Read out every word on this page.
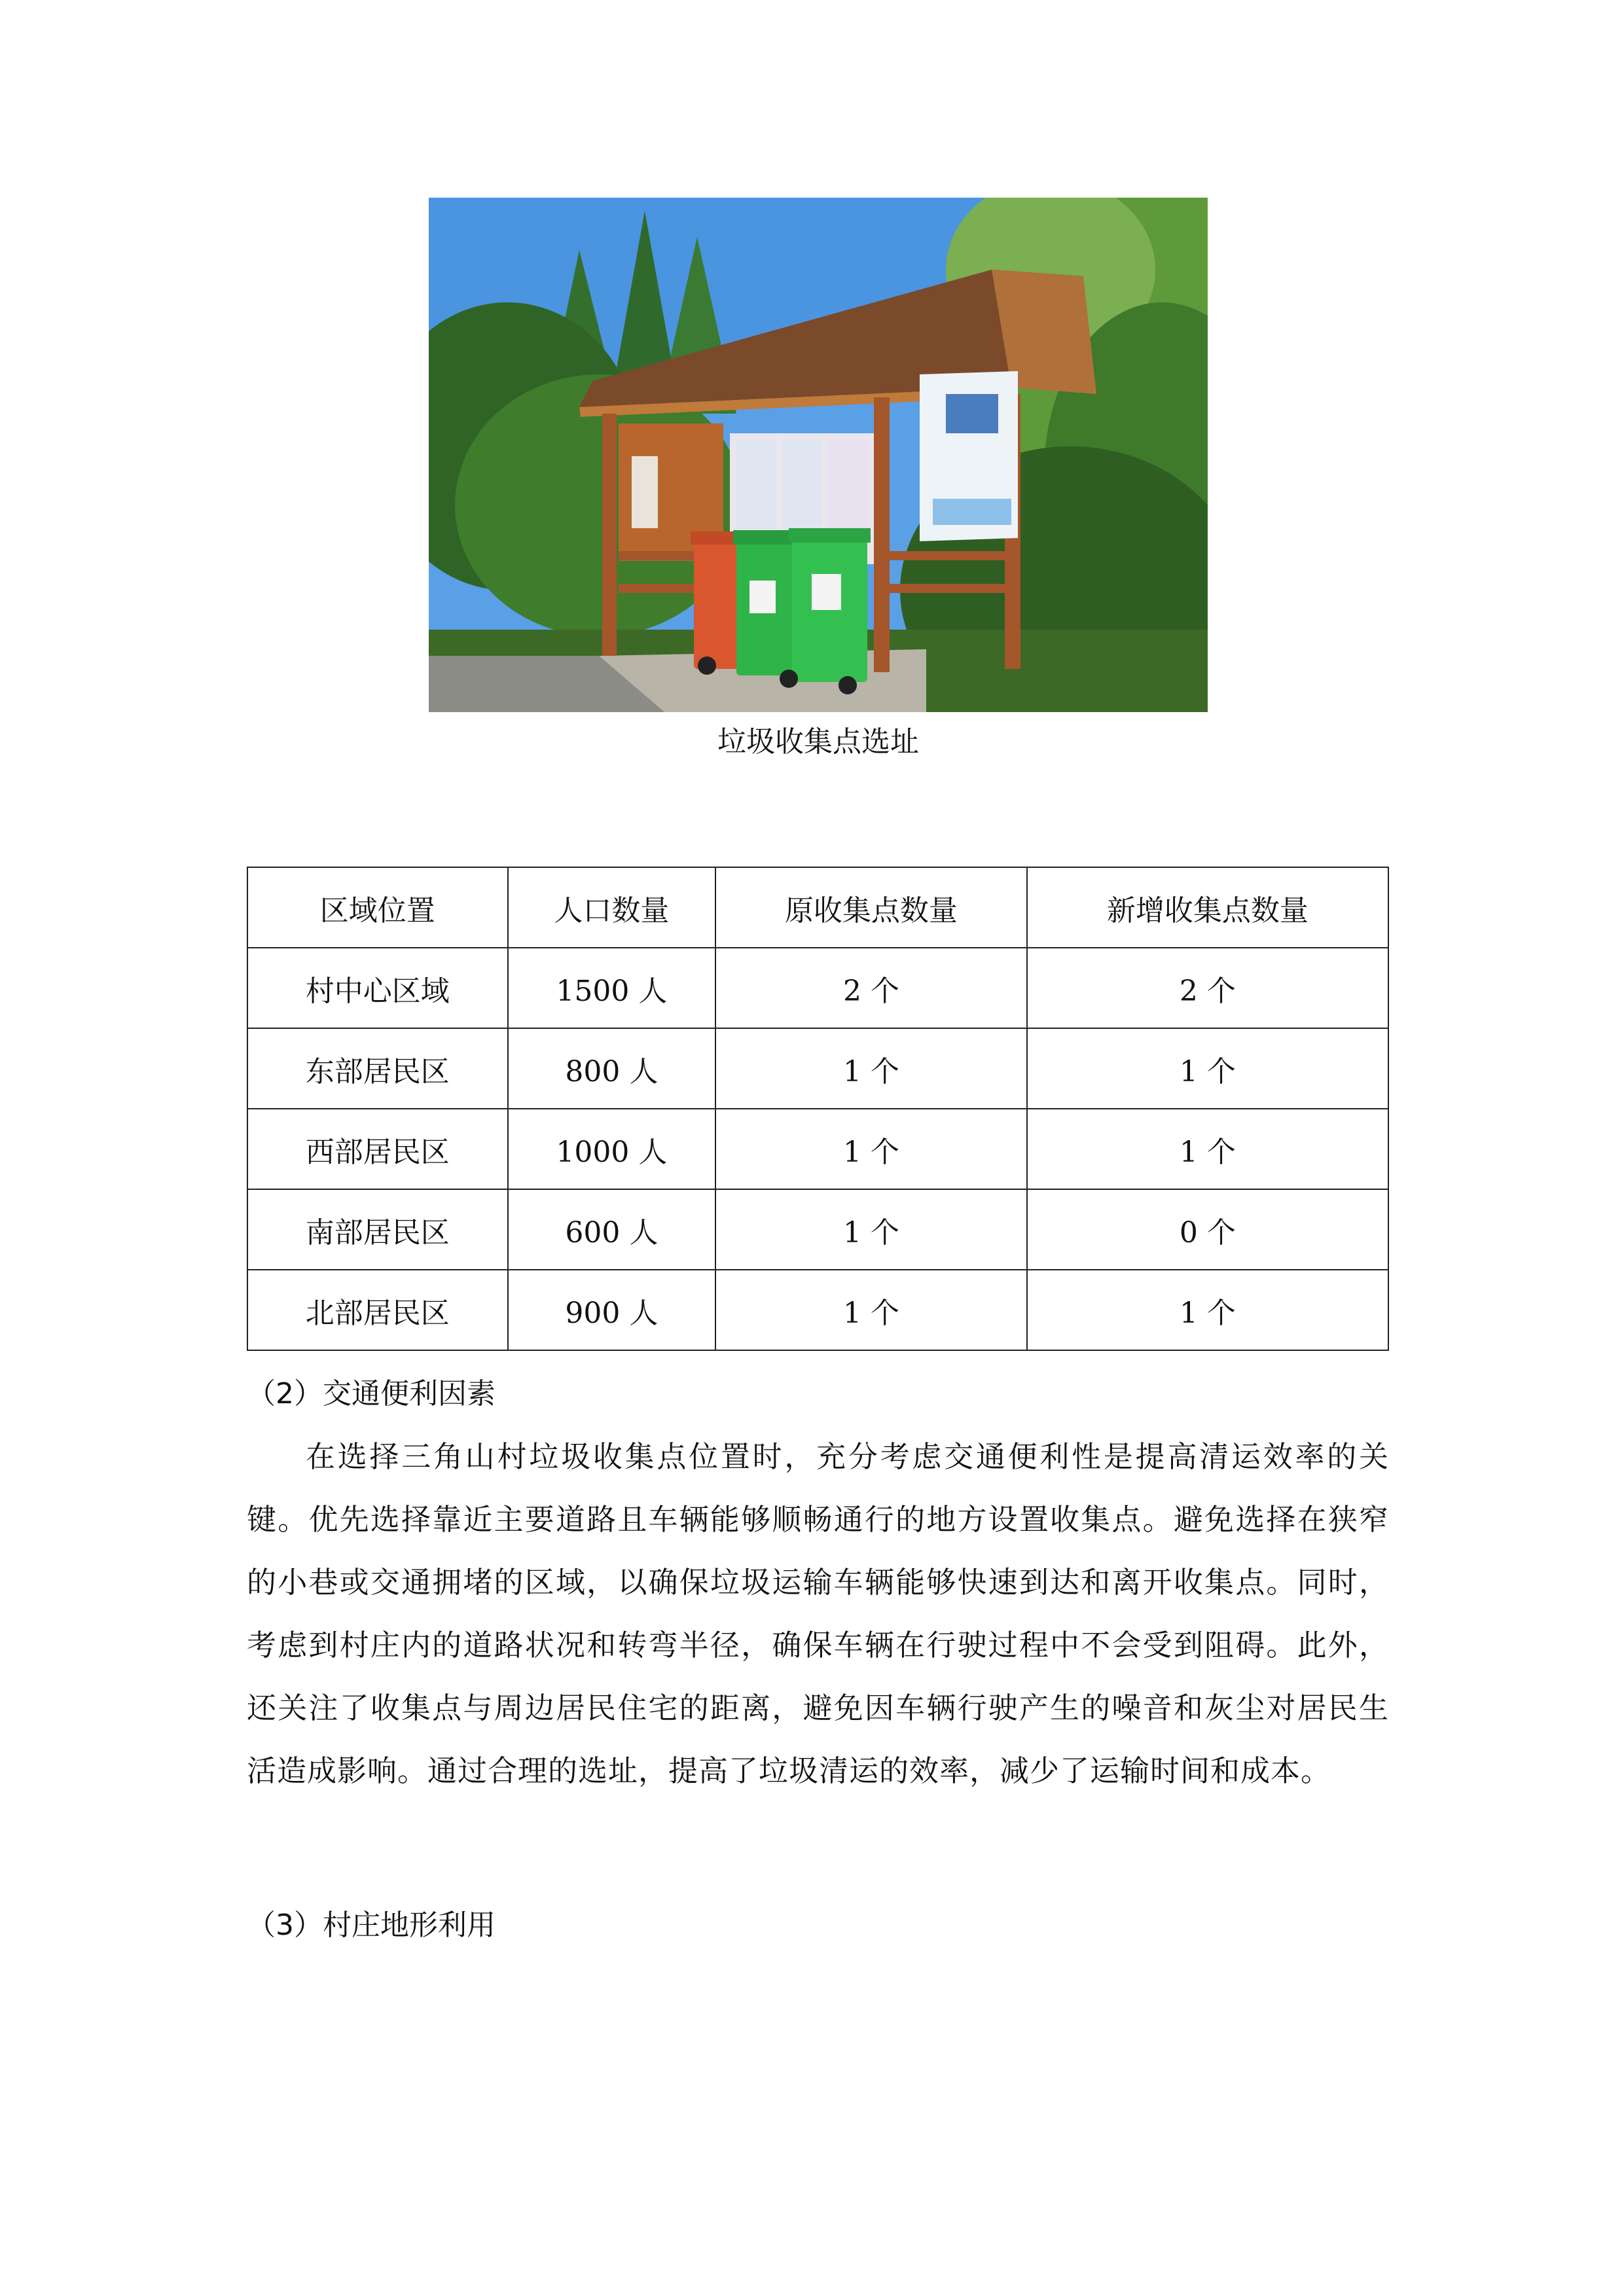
垃圾收集点选址
区域位置	人口数量	原收集点数量	新增收集点数量
村中心区域	1500 人	2 个	2 个
东部居民区	800 人	1 个	1 个
西部居民区	1000 人	1 个	1 个
南部居民区	600 人	1 个	0 个
北部居民区	900 人	1 个	1 个
（2）交通便利因素
在选择三角山村垃圾收集点位置时，充分考虑交通便利性是提高清运效率的关键。优先选择靠近主要道路且车辆能够顺畅通行的地方设置收集点。避免选择在狭窄的小巷或交通拥堵的区域，以确保垃圾运输车辆能够快速到达和离开收集点。同时，考虑到村庄内的道路状况和转弯半径，确保车辆在行驶过程中不会受到阻碍。此外，还关注了收集点与周边居民住宅的距离，避免因车辆行驶产生的噪音和灰尘对居民生活造成影响。通过合理的选址，提高了垃圾清运的效率，减少了运输时间和成本。
（3）村庄地形利用
